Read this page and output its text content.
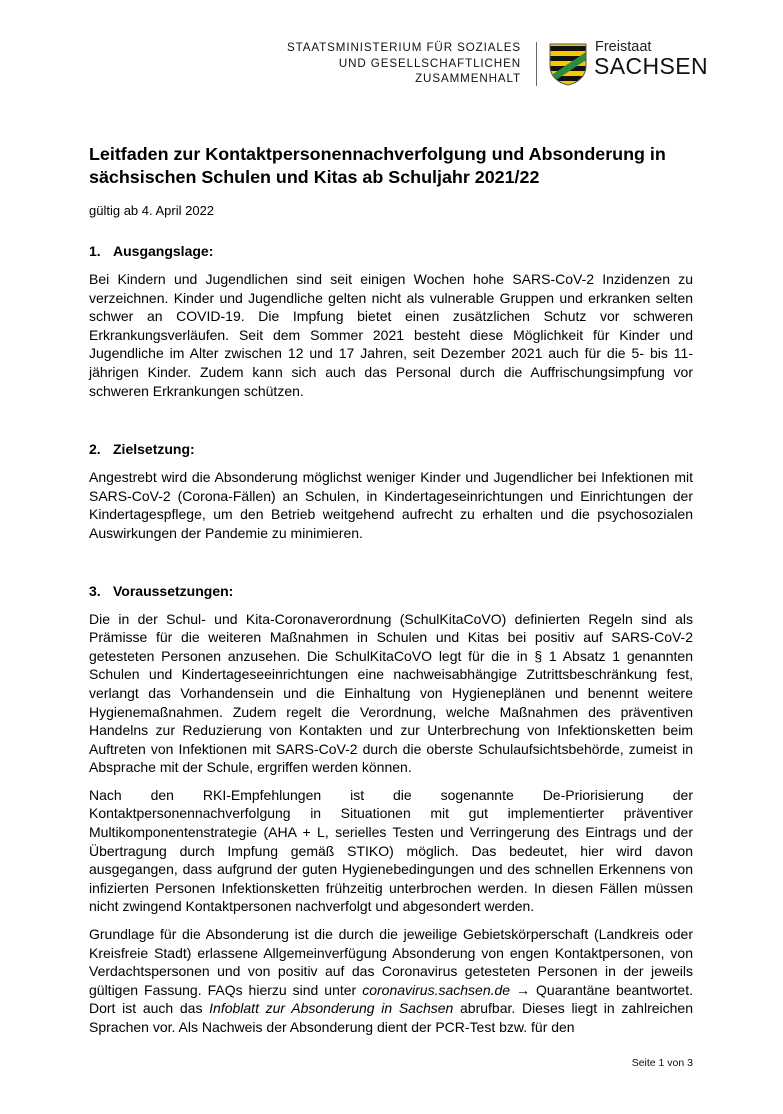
STAATSMINISTERIUM FÜR SOZIALES
UND GESELLSCHAFTLICHEN
ZUSAMMENHALT
Freistaat
SACHSEN
Leitfaden zur Kontaktpersonennachverfolgung und Absonderung in sächsischen Schulen und Kitas ab Schuljahr 2021/22
gültig ab 4. April 2022
1. Ausgangslage:

Bei Kindern und Jugendlichen sind seit einigen Wochen hohe SARS-CoV-2 Inzidenzen zu verzeichnen. Kinder und Jugendliche gelten nicht als vulnerable Gruppen und erkranken selten schwer an COVID-19. Die Impfung bietet einen zusätzlichen Schutz vor schweren Erkrankungsverläufen. Seit dem Sommer 2021 besteht diese Möglichkeit für Kinder und Jugendliche im Alter zwischen 12 und 17 Jahren, seit Dezember 2021 auch für die 5- bis 11-jährigen Kinder. Zudem kann sich auch das Personal durch die Auffrischungsimpfung vor schweren Erkrankungen schützen.

2. Zielsetzung:

Angestrebt wird die Absonderung möglichst weniger Kinder und Jugendlicher bei Infektionen mit SARS-CoV-2 (Corona-Fällen) an Schulen, in Kindertageseinrichtungen und Einrichtungen der Kindertagespflege, um den Betrieb weitgehend aufrecht zu erhalten und die psychosozialen Auswirkungen der Pandemie zu minimieren.

3. Voraussetzungen:

Die in der Schul- und Kita-Coronaverordnung (SchulKitaCoVO) definierten Regeln sind als Prämisse für die weiteren Maßnahmen in Schulen und Kitas bei positiv auf SARS-CoV-2 getesteten Personen anzusehen. Die SchulKitaCoVO legt für die in § 1 Absatz 1 genannten Schulen und Kindertageseeinrichtungen eine nachweisabhängige Zutrittsbeschränkung fest, verlangt das Vorhandensein und die Einhaltung von Hygieneplänen und benennt weitere Hygienemaßnahmen. Zudem regelt die Verordnung, welche Maßnahmen des präventiven Handelns zur Reduzierung von Kontakten und zur Unterbrechung von Infektionsketten beim Auftreten von Infektionen mit SARS-CoV-2 durch die oberste Schulaufsichtsbehörde, zumeist in Absprache mit der Schule, ergriffen werden können.

Nach den RKI-Empfehlungen ist die sogenannte De-Priorisierung der Kontaktpersonennachverfolgung in Situationen mit gut implementierter präventiver Multikomponentenstrategie (AHA + L, serielles Testen und Verringerung des Eintrags und der Übertragung durch Impfung gemäß STIKO) möglich. Das bedeutet, hier wird davon ausgegangen, dass aufgrund der guten Hygienebedingungen und des schnellen Erkennens von infizierten Personen Infektionsketten frühzeitig unterbrochen werden. In diesen Fällen müssen nicht zwingend Kontaktpersonen nachverfolgt und abgesondert werden.

Grundlage für die Absonderung ist die durch die jeweilige Gebietskörperschaft (Landkreis oder Kreisfreie Stadt) erlassene Allgemeinverfügung Absonderung von engen Kontaktpersonen, von Verdachtspersonen und von positiv auf das Coronavirus getesteten Personen in der jeweils gültigen Fassung. FAQs hierzu sind unter coronavirus.sachsen.de → Quarantäne beantwortet. Dort ist auch das Infoblatt zur Absonderung in Sachsen abrufbar. Dieses liegt in zahlreichen Sprachen vor. Als Nachweis der Absonderung dient der PCR-Test bzw. für den

Seite 1 von 3
